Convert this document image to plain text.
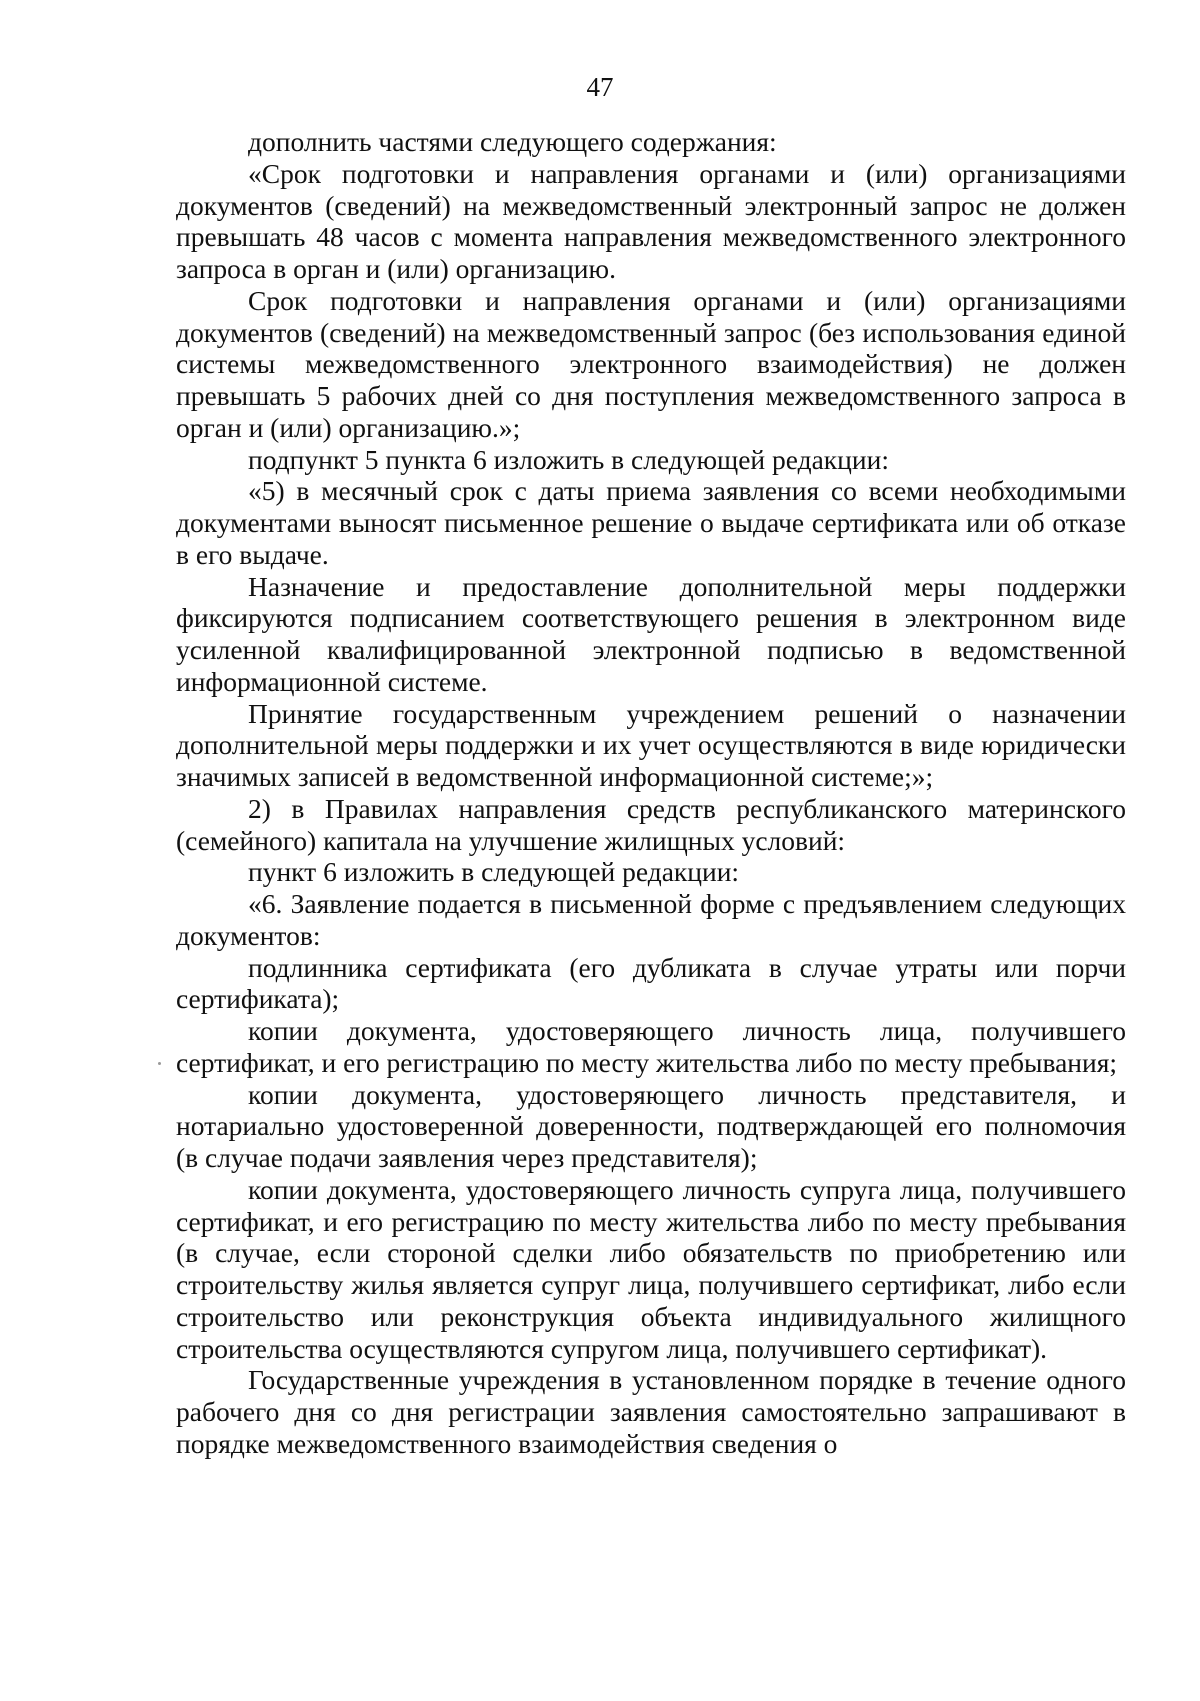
47

дополнить частями следующего содержания:

«Срок подготовки и направления органами и (или) организациями документов (сведений) на межведомственный электронный запрос не должен превышать 48 часов с момента направления межведомственного электронного запроса в орган и (или) организацию.

Срок подготовки и направления органами и (или) организациями документов (сведений) на межведомственный запрос (без использования единой системы межведомственного электронного взаимодействия) не должен превышать 5 рабочих дней со дня поступления межведомственного запроса в орган и (или) организацию.»;

подпункт 5 пункта 6 изложить в следующей редакции:

«5) в месячный срок с даты приема заявления со всеми необходимыми документами выносят письменное решение о выдаче сертификата или об отказе в его выдаче.

Назначение и предоставление дополнительной меры поддержки фиксируются подписанием соответствующего решения в электронном виде усиленной квалифицированной электронной подписью в ведомственной информационной системе.

Принятие государственным учреждением решений о назначении дополнительной меры поддержки и их учет осуществляются в виде юридически значимых записей в ведомственной информационной системе;»;

2) в Правилах направления средств республиканского материнского (семейного) капитала на улучшение жилищных условий:

пункт 6 изложить в следующей редакции:

«6. Заявление подается в письменной форме с предъявлением следующих документов:

подлинника сертификата (его дубликата в случае утраты или порчи сертификата);

копии документа, удостоверяющего личность лица, получившего сертификат, и его регистрацию по месту жительства либо по месту пребывания;

копии документа, удостоверяющего личность представителя, и нотариально удостоверенной доверенности, подтверждающей его полномочия (в случае подачи заявления через представителя);

копии документа, удостоверяющего личность супруга лица, получившего сертификат, и его регистрацию по месту жительства либо по месту пребывания (в случае, если стороной сделки либо обязательств по приобретению или строительству жилья является супруг лица, получившего сертификат, либо если строительство или реконструкция объекта индивидуального жилищного строительства осуществляются супругом лица, получившего сертификат).

Государственные учреждения в установленном порядке в течение одного рабочего дня со дня регистрации заявления самостоятельно запрашивают в порядке межведомственного взаимодействия сведения о
